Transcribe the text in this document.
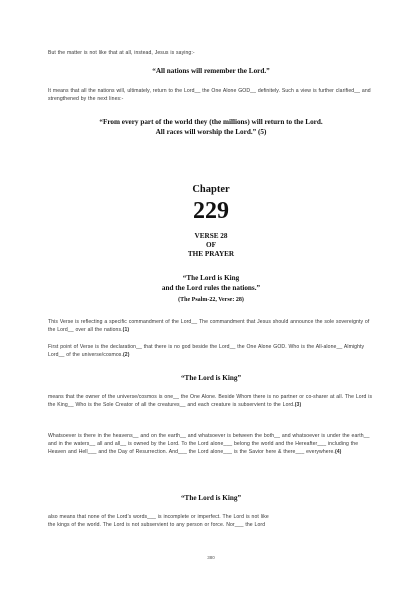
But the matter is not like that at all, instead, Jesus is saying:-
“All nations will remember the Lord.”
It means that all the nations will, ultimately, return to the Lord__ the One Alone GOD__ definitely. Such a view is further clarified__ and strengthened by the next lines:-
“From every part of the world they (the millions) will return to the Lord.
All races will worship the Lord.” (5)
Chapter
229
VERSE 28
OF
THE PRAYER
“The Lord is King
and the Lord rules the nations.”
(The Psalm-22, Verse: 28)
This Verse is reflecting a specific commandment of the Lord__ The commandment that Jesus should announce the sole sovereignty of the Lord__ over all the nations.(1)
First point of Verse is the declaration__ that there is no god beside the Lord__ the One Alone GOD. Who is the All-alone__ Almighty Lord__ of the universe/cosmos.(2)
“The Lord is King”
means that the owner of the universe/cosmos is one__ the One Alone. Beside Whom there is no partner or co-sharer at all. The Lord is the King__ Who is the Sole Creator of all the creatures__ and each creature is subservient to the Lord.(3)
Whatsoever is there in the heavens__ and on the earth__ and whatsoever is between the both__ and whatsoever is under the earth__ and in the waters__ all and all__ is owned by the Lord. To the Lord alone___ belong the world and the Hereafter___ including the Heaven and Hell___ and the Day of Resurrection. And___ the Lord alone___ is the Savior here & there___ everywhere.(4)
“The Lord is King”
also means that none of the Lord’s words___ is incomplete or imperfect. The Lord is not like
the kings of the world. The Lord is not subservient to any person or force. Nor___ the Lord
380
